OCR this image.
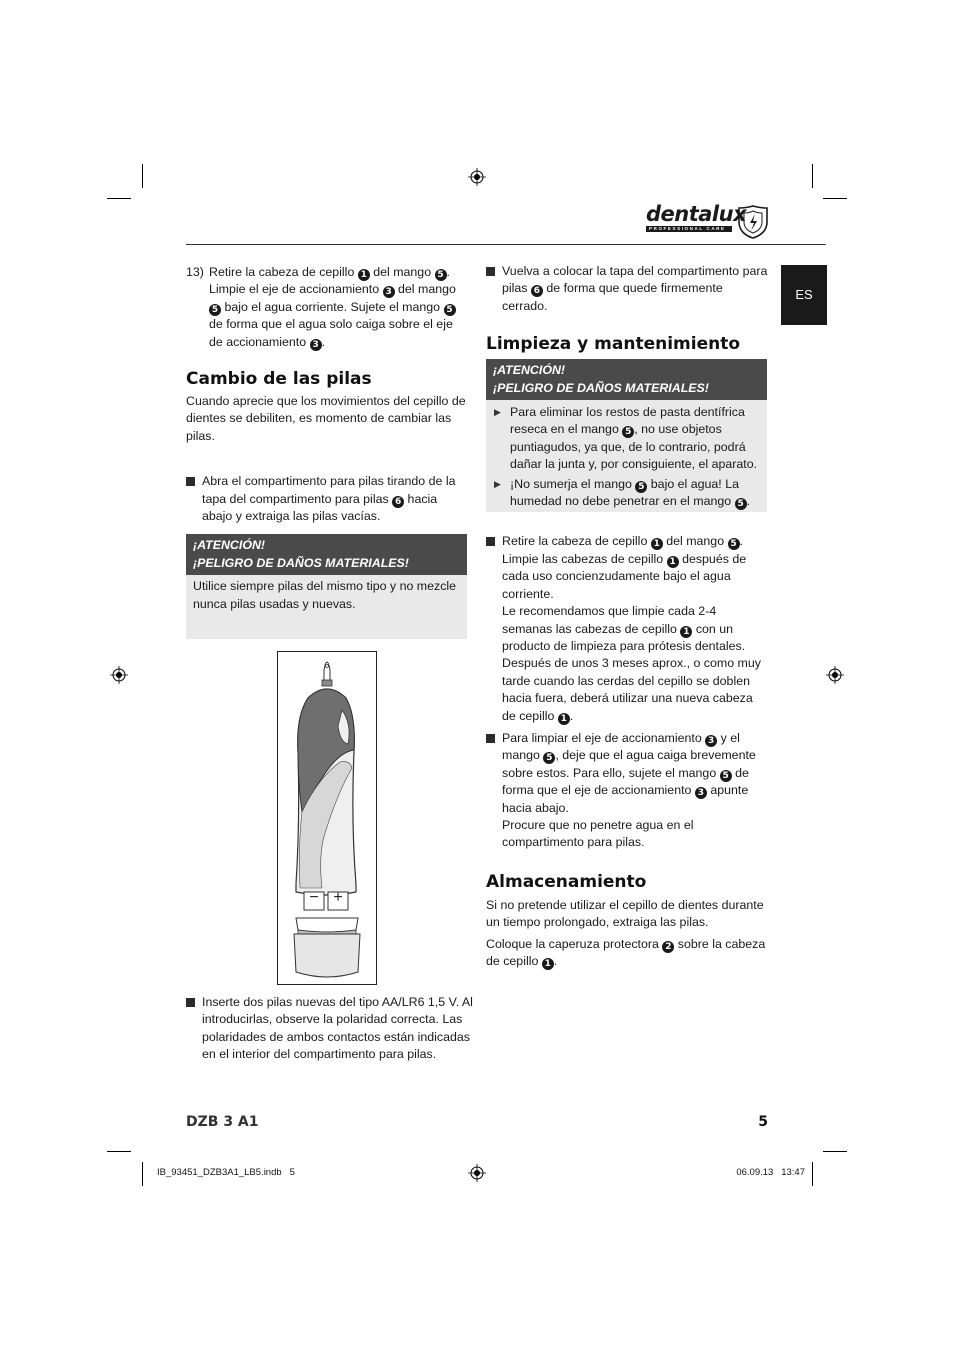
dentalux
PROFESSIONAL CARE
ES
13) Retire la cabeza de cepillo 1 del mango 5 . Limpie el eje de accionamiento 3 del mango 5 bajo el agua corriente. Sujete el mango 5 de forma que el agua solo caiga sobre el eje de accionamiento 3 .
Cambio de las pilas

Cuando aprecie que los movimientos del cepillo de dientes se debiliten, es momento de cambiar las pilas.

Abra el compartimento para pilas tirando de la tapa del compartimento para pilas 6 hacia abajo y extraiga las pilas vacías.
¡ATENCIÓN!
¡PELIGRO DE DAÑOS MATERIALES!

Utilice siempre pilas del mismo tipo y no mezcle nunca pilas usadas y nuevas.

− +
Inserte dos pilas nuevas del tipo AA/LR6 1,5 V. Al introducirlas, observe la polaridad correcta. Las polaridades de ambos contactos están indicadas en el interior del compartimento para pilas.
Vuelva a colocar la tapa del compartimento para pilas 6 de forma que quede firmemente cerrado.
Limpieza y mantenimiento
¡ATENCIÓN!
¡PELIGRO DE DAÑOS MATERIALES!
▶ Para eliminar los restos de pasta dentífrica reseca en el mango 5 , no use objetos puntiagudos, ya que, de lo contrario, podrá dañar la junta y, por consiguiente, el aparato.
▶ ¡No sumerja el mango 5 bajo el agua! La humedad no debe penetrar en el mango 5 .
Retire la cabeza de cepillo 1 del mango 5 . Limpie las cabezas de cepillo 1 después de cada uso concienzudamente bajo el agua corriente.
Le recomendamos que limpie cada 2-4 semanas las cabezas de cepillo 1 con un producto de limpieza para prótesis dentales. Después de unos 3 meses aprox., o como muy tarde cuando las cerdas del cepillo se doblen hacia fuera, deberá utilizar una nueva cabeza de cepillo 1 .
Para limpiar el eje de accionamiento 3 y el mango 5 , deje que el agua caiga brevemente sobre estos. Para ello, sujete el mango 5 de forma que el eje de accionamiento 3 apunte hacia abajo.
Procure que no penetre agua en el compartimento para pilas.
Almacenamiento

Si no pretende utilizar el cepillo de dientes durante un tiempo prolongado, extraiga las pilas.

Coloque la caperuza protectora 2 sobre la cabeza de cepillo 1 .

DZB 3 A1	5
IB_93451_DZB3A1_LB5.indb   5	06.09.13   13:47
